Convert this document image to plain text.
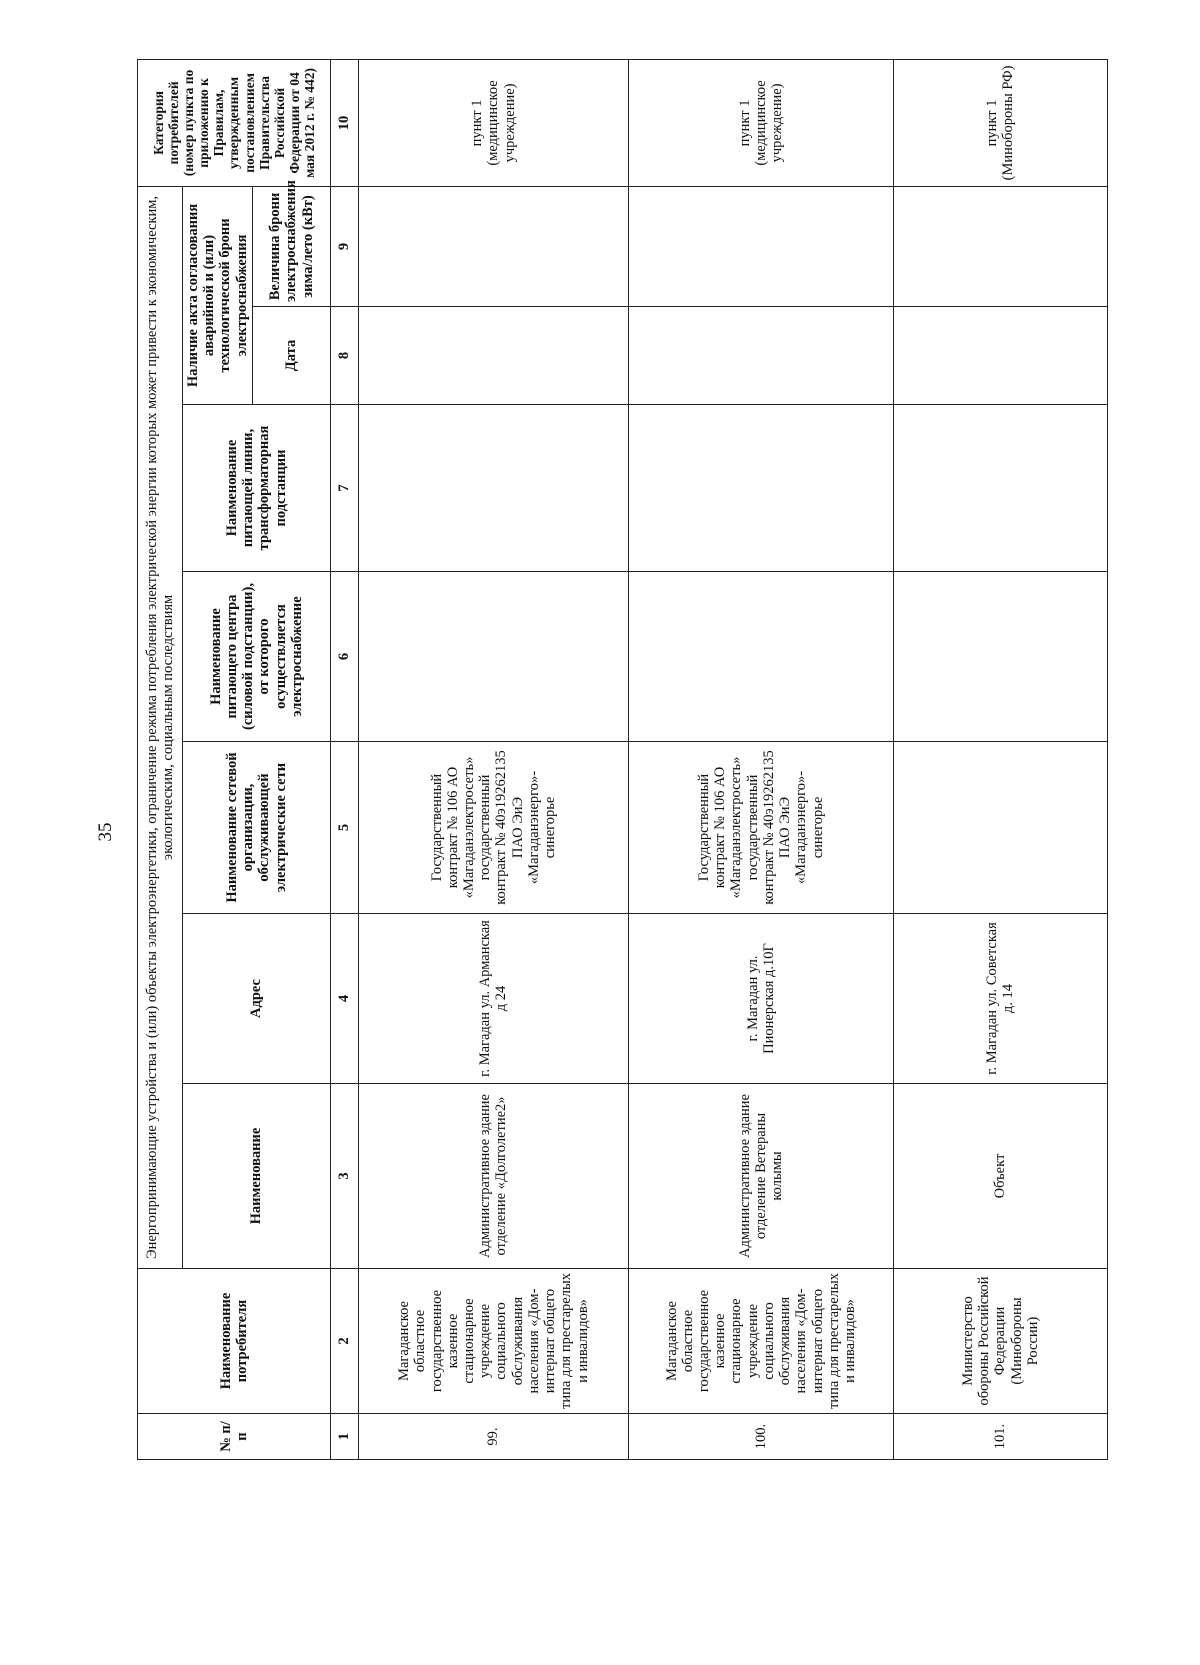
35
№ п/п	Наименование потребителя	Энергопринимающие устройства и (или) объекты электроэнергетики, ограничение режима потребления электрической энергии которых может привести к экономическим, экологическим, социальным последствиям							Категория потребителей (номер пункта по приложению к Правилам, утвержденным постановлением Правительства Российской Федерации от 04 мая 2012 г. № 442)
		Наименование	Адрес	Наименование сетевой организации, обслуживающей электрические сети	Наименование питающего центра (силовой подстанции), от которого осуществляется электроснабжение	Наименование питающей линии, трансформаторная подстанции	Наличие акта согласования аварийной и (или) технологической брони электроснабжения		
							Дата	Величина брони электроснабжения зима/лето (кВт)	
1	2	3	4	5	6	7	8	9	10
99.	Магаданское областное государственное казенное стационарное учреждение социального обслуживания населения «Дом-интернат общего типа для престарелых и инвалидов»	Административное здание отделение «Долголетие2»	г. Магадан ул. Арманская д 24	Государственный контракт № 106 АО «Магаданэлектросеть» государственный контракт № 40э19262135 ПАО ЭиЭ «Магаданэнерго»-синегорье					пункт 1 (медицинское учреждение)
100.	Магаданское областное государственное казенное стационарное учреждение социального обслуживания населения «Дом-интернат общего типа для престарелых и инвалидов»	Административное здание отделение Ветераны колымы	г. Магадан ул. Пионерская д.10Г	Государственный контракт № 106 АО «Магаданэлектросеть» государственный контракт № 40э19262135 ПАО ЭиЭ «Магаданэнерго»-синегорье					пункт 1 (медицинское учреждение)
101.	Министерство обороны Российской Федерации (Минобороны России)	Объект	г. Магадан ул. Советская д. 14						пункт 1 (Минобороны РФ)
